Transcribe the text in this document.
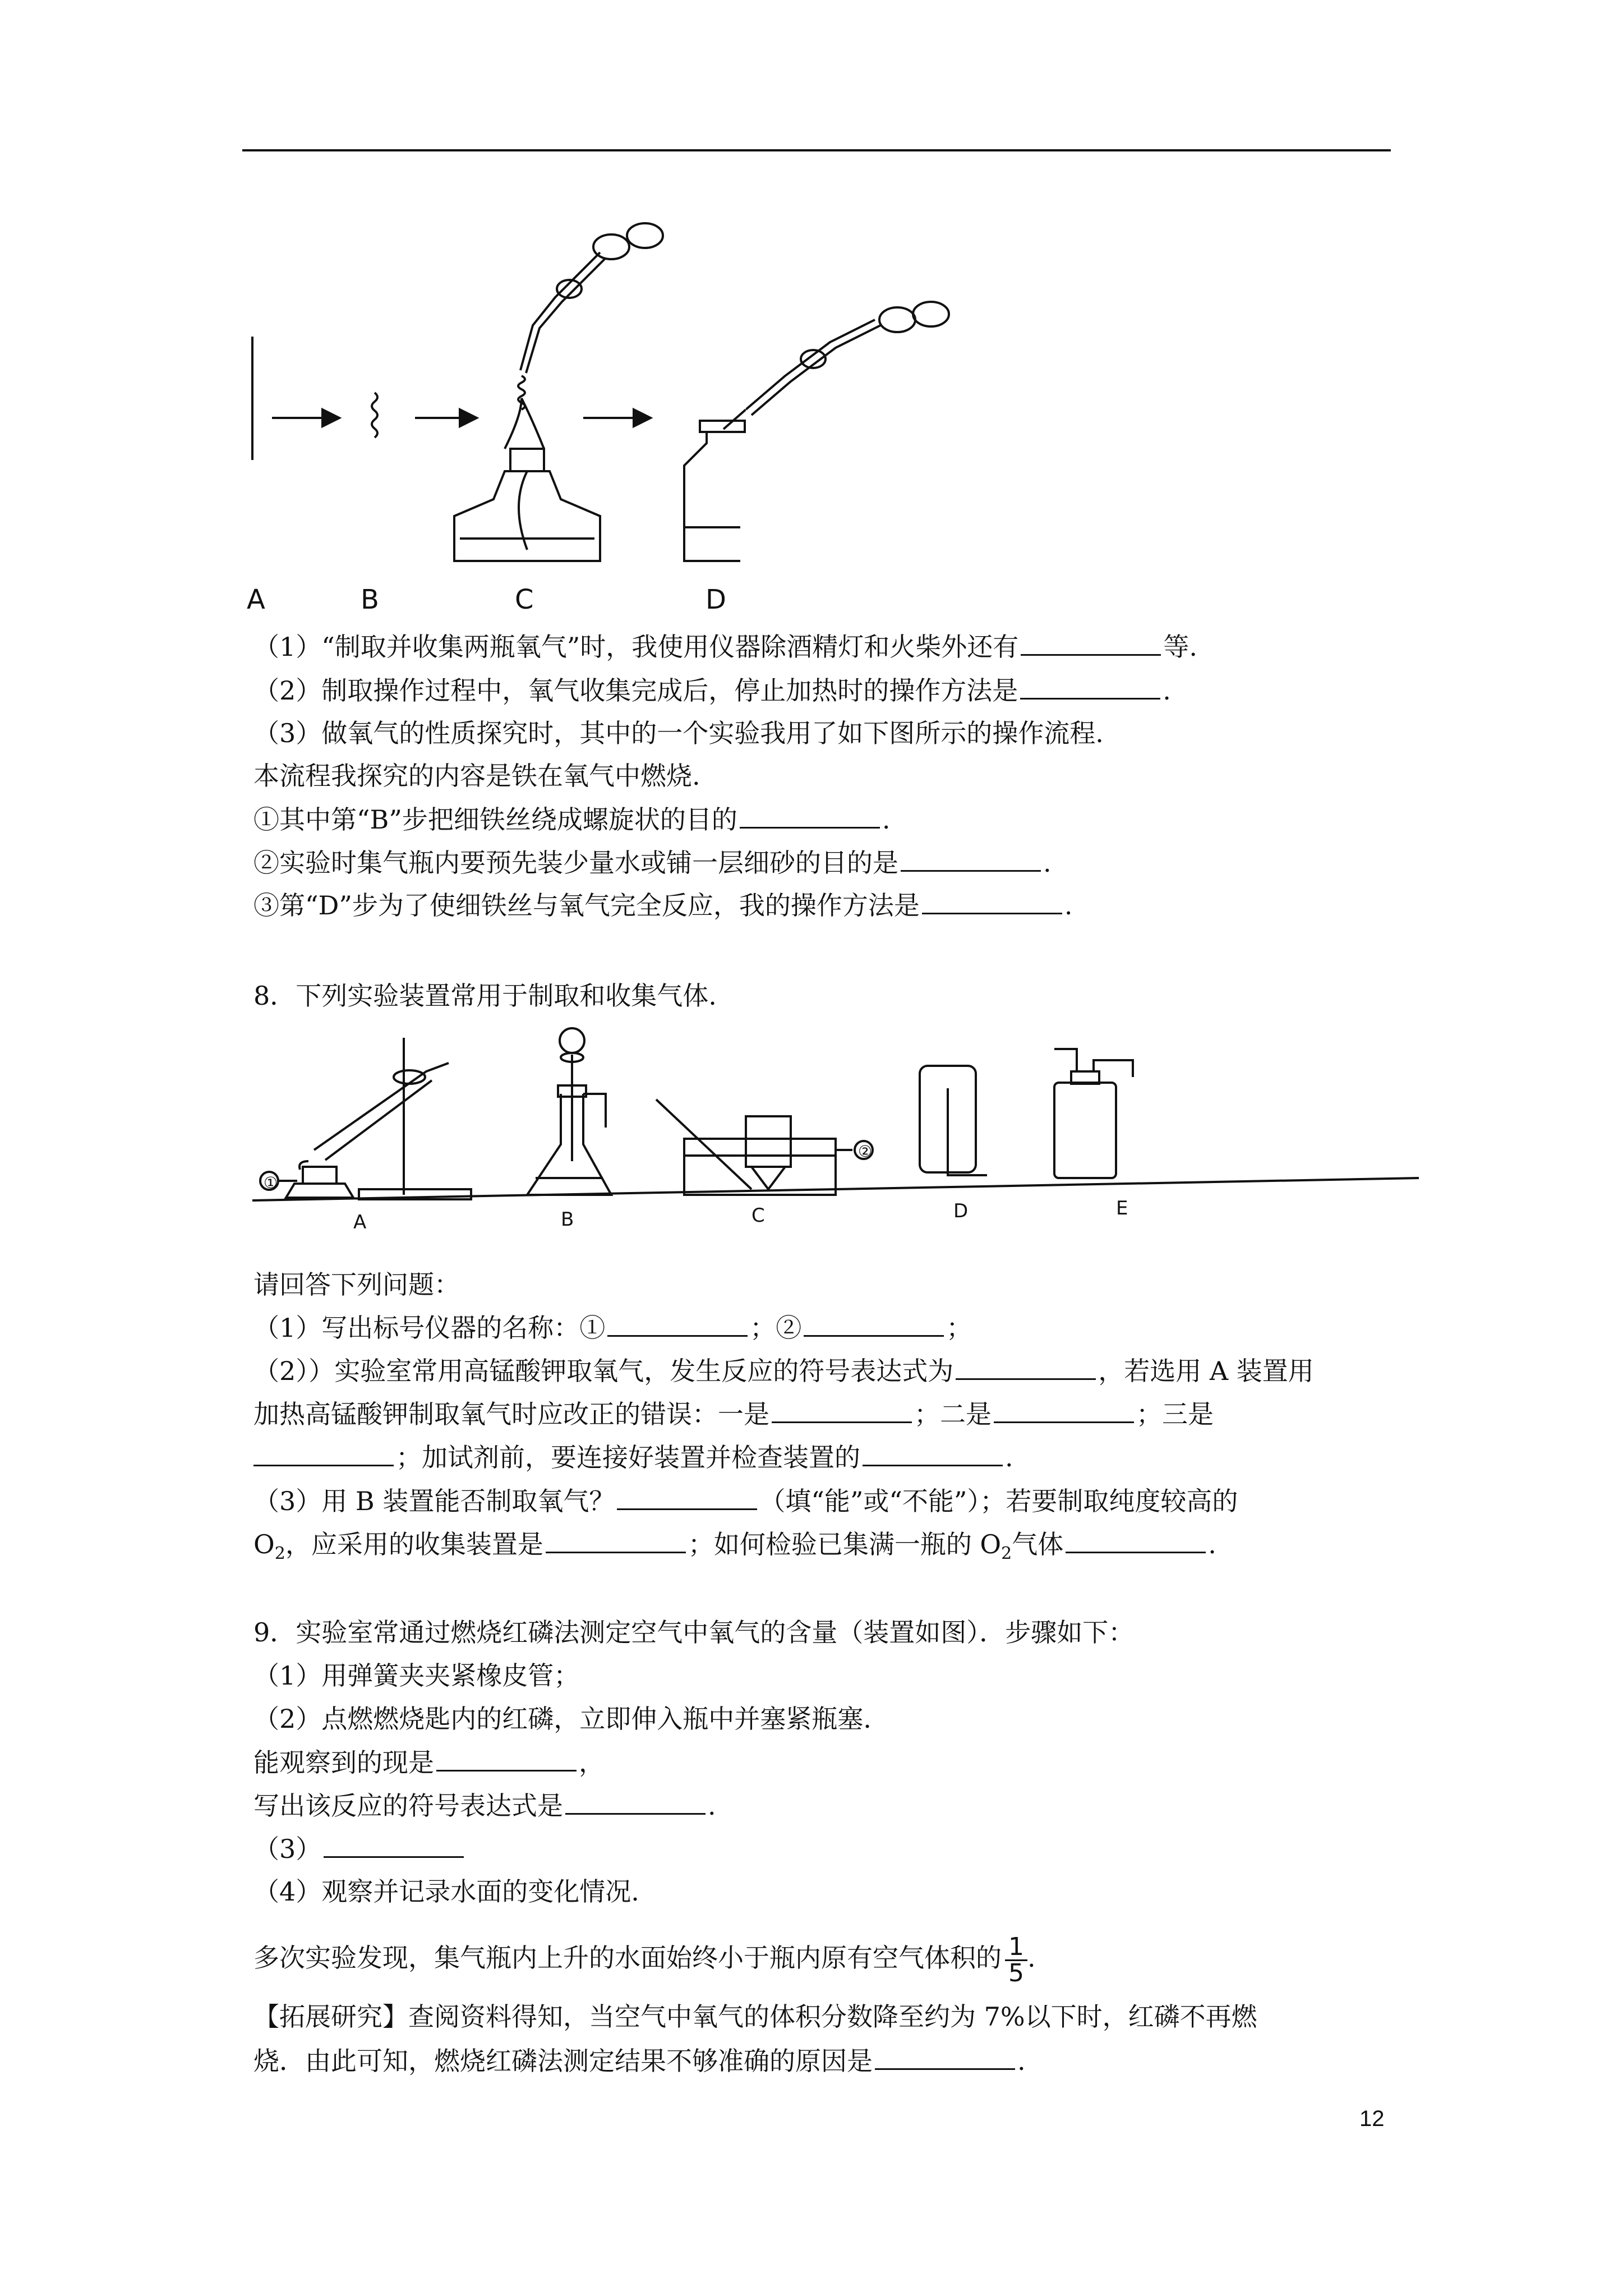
A	B	C	D
（1）“制取并收集两瓶氧气”时，我使用仪器除酒精灯和火柴外还有	等.
（2）制取操作过程中，氧气收集完成后，停止加热时的操作方法是	.
（3）做氧气的性质探究时，其中的一个实验我用了如下图所示的操作流程.
本流程我探究的内容是铁在氧气中燃烧.
①其中第“B”步把细铁丝绕成螺旋状的目的	.
②实验时集气瓶内要预先装少量水或铺一层细砂的目的是	.
③第“D”步为了使细铁丝与氧气完全反应，我的操作方法是	.
8．下列实验装置常用于制取和收集气体.
①
②
A	B	C	D	E
请回答下列问题：
（1）写出标号仪器的名称：①	；②	；
（2））实验室常用高锰酸钾取氧气，发生反应的符号表达式为	，若选用 A 装置用
加热高锰酸钾制取氧气时应改正的错误：一是	；二是	；三是
；加试剂前，要连接好装置并检查装置的	.
（3）用 B 装置能否制取氧气？	（填“能”或“不能”）；若要制取纯度较高的
$O_2$，应采用的收集装置是	；如何检验已集满一瓶的 $O_2$气体	.
9．实验室常通过燃烧红磷法测定空气中氧气的含量（装置如图）．步骤如下：
（1）用弹簧夹夹紧橡皮管；
（2）点燃燃烧匙内的红磷，立即伸入瓶中并塞紧瓶塞.
能观察到的现是	，
写出该反应的符号表达式是	.
（3）
（4）观察并记录水面的变化情况.
多次实验发现，集气瓶内上升的水面始终小于瓶内原有空气体积的 $\frac{1}{5}$ .
【拓展研究】查阅资料得知，当空气中氧气的体积分数降至约为 7%以下时，红磷不再燃
烧．由此可知，燃烧红磷法测定结果不够准确的原因是	.
12
